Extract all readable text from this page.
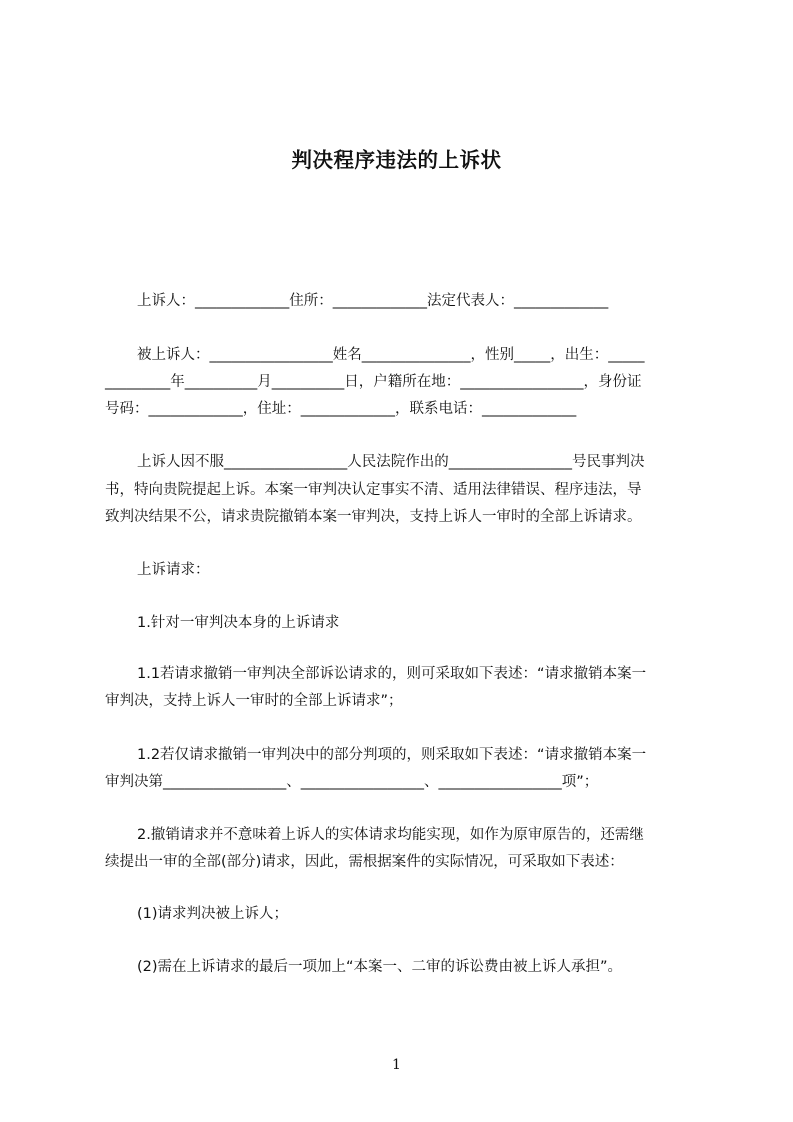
判决程序违法的上诉状
上诉人：_____________住所：_____________法定代表人：_____________
被上诉人：_________________姓名_______________，性别_____，出生：_____
_________年__________月__________日，户籍所在地：_________________，身份证
号码：_____________，住址：_____________，联系电话：_____________
上诉人因不服_________________人民法院作出的_________________号民事判决
书，特向贵院提起上诉。本案一审判决认定事实不清、适用法律错误、程序违法，导
致判决结果不公，请求贵院撤销本案一审判决，支持上诉人一审时的全部上诉请求。
上诉请求：
1.针对一审判决本身的上诉请求
1.1若请求撤销一审判决全部诉讼请求的，则可采取如下表述：“请求撤销本案一
审判决，支持上诉人一审时的全部上诉请求”；
1.2若仅请求撤销一审判决中的部分判项的，则采取如下表述：“请求撤销本案一
审判决第_________________、_________________、_________________项”；
2.撤销请求并不意味着上诉人的实体请求均能实现，如作为原审原告的，还需继
续提出一审的全部(部分)请求，因此，需根据案件的实际情况，可采取如下表述：
(1)请求判决被上诉人；
(2)需在上诉请求的最后一项加上“本案一、二审的诉讼费由被上诉人承担”。
1
